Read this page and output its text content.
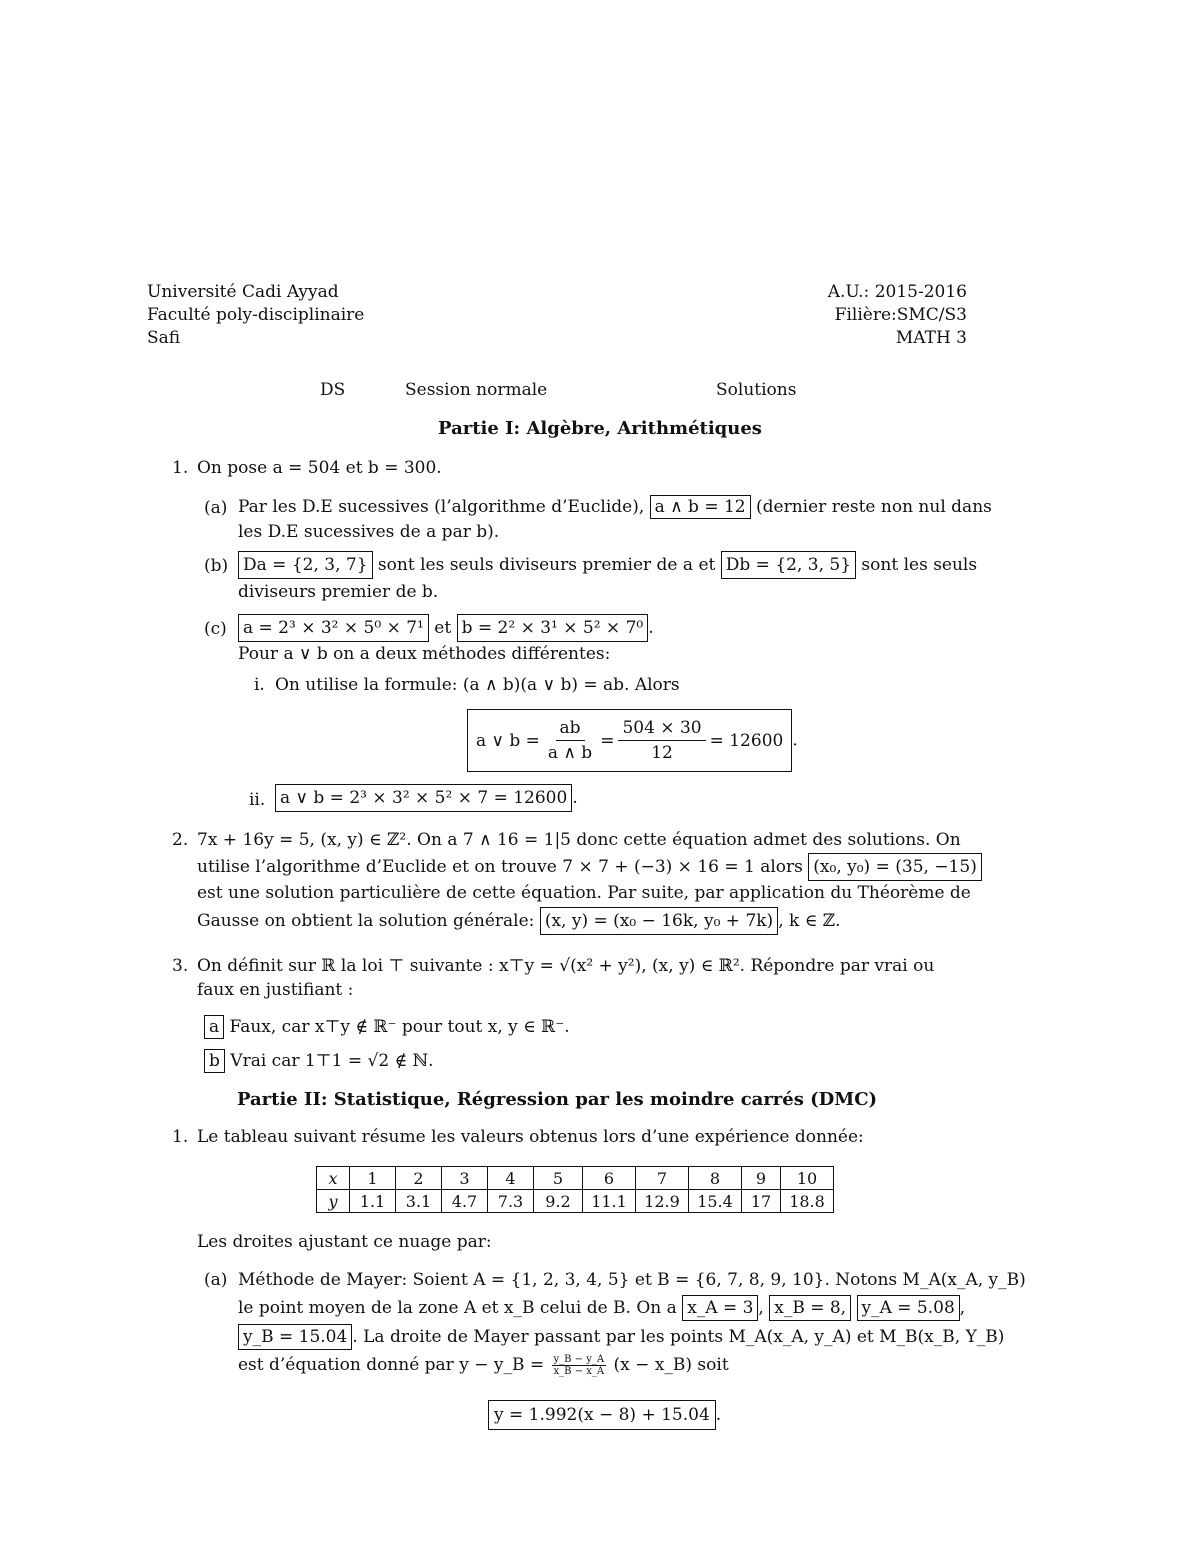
Université Cadi Ayyad
Faculté poly-disciplinaire
Safi
A.U.: 2015-2016
Filière:SMC/S3
MATH 3
DS	Session normale	Solutions
Partie I: Algèbre, Arithmétiques
1. On pose a = 504 et b = 300.
(a) Par les D.E sucessives (l’algorithme d’Euclide), a ∧ b = 12 (dernier reste non nul dans
les D.E sucessives de a par b).
(b) Da = {2, 3, 7} sont les seuls diviseurs premier de a et Db = {2, 3, 5} sont les seuls
diviseurs premier de b.
(c) a = 2³ × 3² × 5⁰ × 7¹ et b = 2² × 3¹ × 5² × 7⁰ .
Pour a ∨ b on a deux méthodes différentes:
i. On utilise la formule: (a ∧ b)(a ∨ b) = ab. Alors
a ∨ $b = \frac{ab}{a \wedge b} = \frac{504 \times 30}{12} = 12600$ .
ii. a ∨ b = 2³ × 3² × 5² × 7 = 12600 .
2. 7x + 16y = 5, (x, y) ∈ ℤ². On a 7 ∧ 16 = 1|5 donc cette équation admet des solutions. On
utilise l’algorithme d’Euclide et on trouve 7 × 7 + (−3) × 16 = 1 alors (x₀, y₀) = (35, −15)
est une solution particulière de cette équation. Par suite, par application du Théorème de
Gausse on obtient la solution générale: (x, y) = (x₀ − 16k, y₀ + 7k) , k ∈ ℤ.
3. On définit sur ℝ la loi ⊤ suivante : x⊤y = √(x² + y²), (x, y) ∈ ℝ². Répondre par vrai ou
faux en justifiant :
a Faux, car x⊤y ∉ ℝ⁻ pour tout x, y ∈ ℝ⁻.
b Vrai car 1⊤1 = √2 ∉ ℕ.
Partie II: Statistique, Régression par les moindre carrés (DMC)
1. Le tableau suivant résume les valeurs obtenus lors d’une expérience donnée:
x	1	2	3	4	5	6	7	8	9	10
y	1.1	3.1	4.7	7.3	9.2	11.1	12.9	15.4	17	18.8
Les droites ajustant ce nuage par:
(a) Méthode de Mayer: Soient A = {1, 2, 3, 4, 5} et B = {6, 7, 8, 9, 10}. Notons M_A(x_A, y_B)
le point moyen de la zone A et x_B celui de B. On a x_A = 3 , x_B = 8, y_A = 5.08 ,
y_B = 15.04 . La droite de Mayer passant par les points M_A(x_A, y_A) et M_B(x_B, Y_B)
est d’équation donné par y − y_B = $\frac{y\_B - y\_A}{x\_B - x\_A} (x$ − x_B) soit
y = 1.992(x − 8) + 15.04 .
